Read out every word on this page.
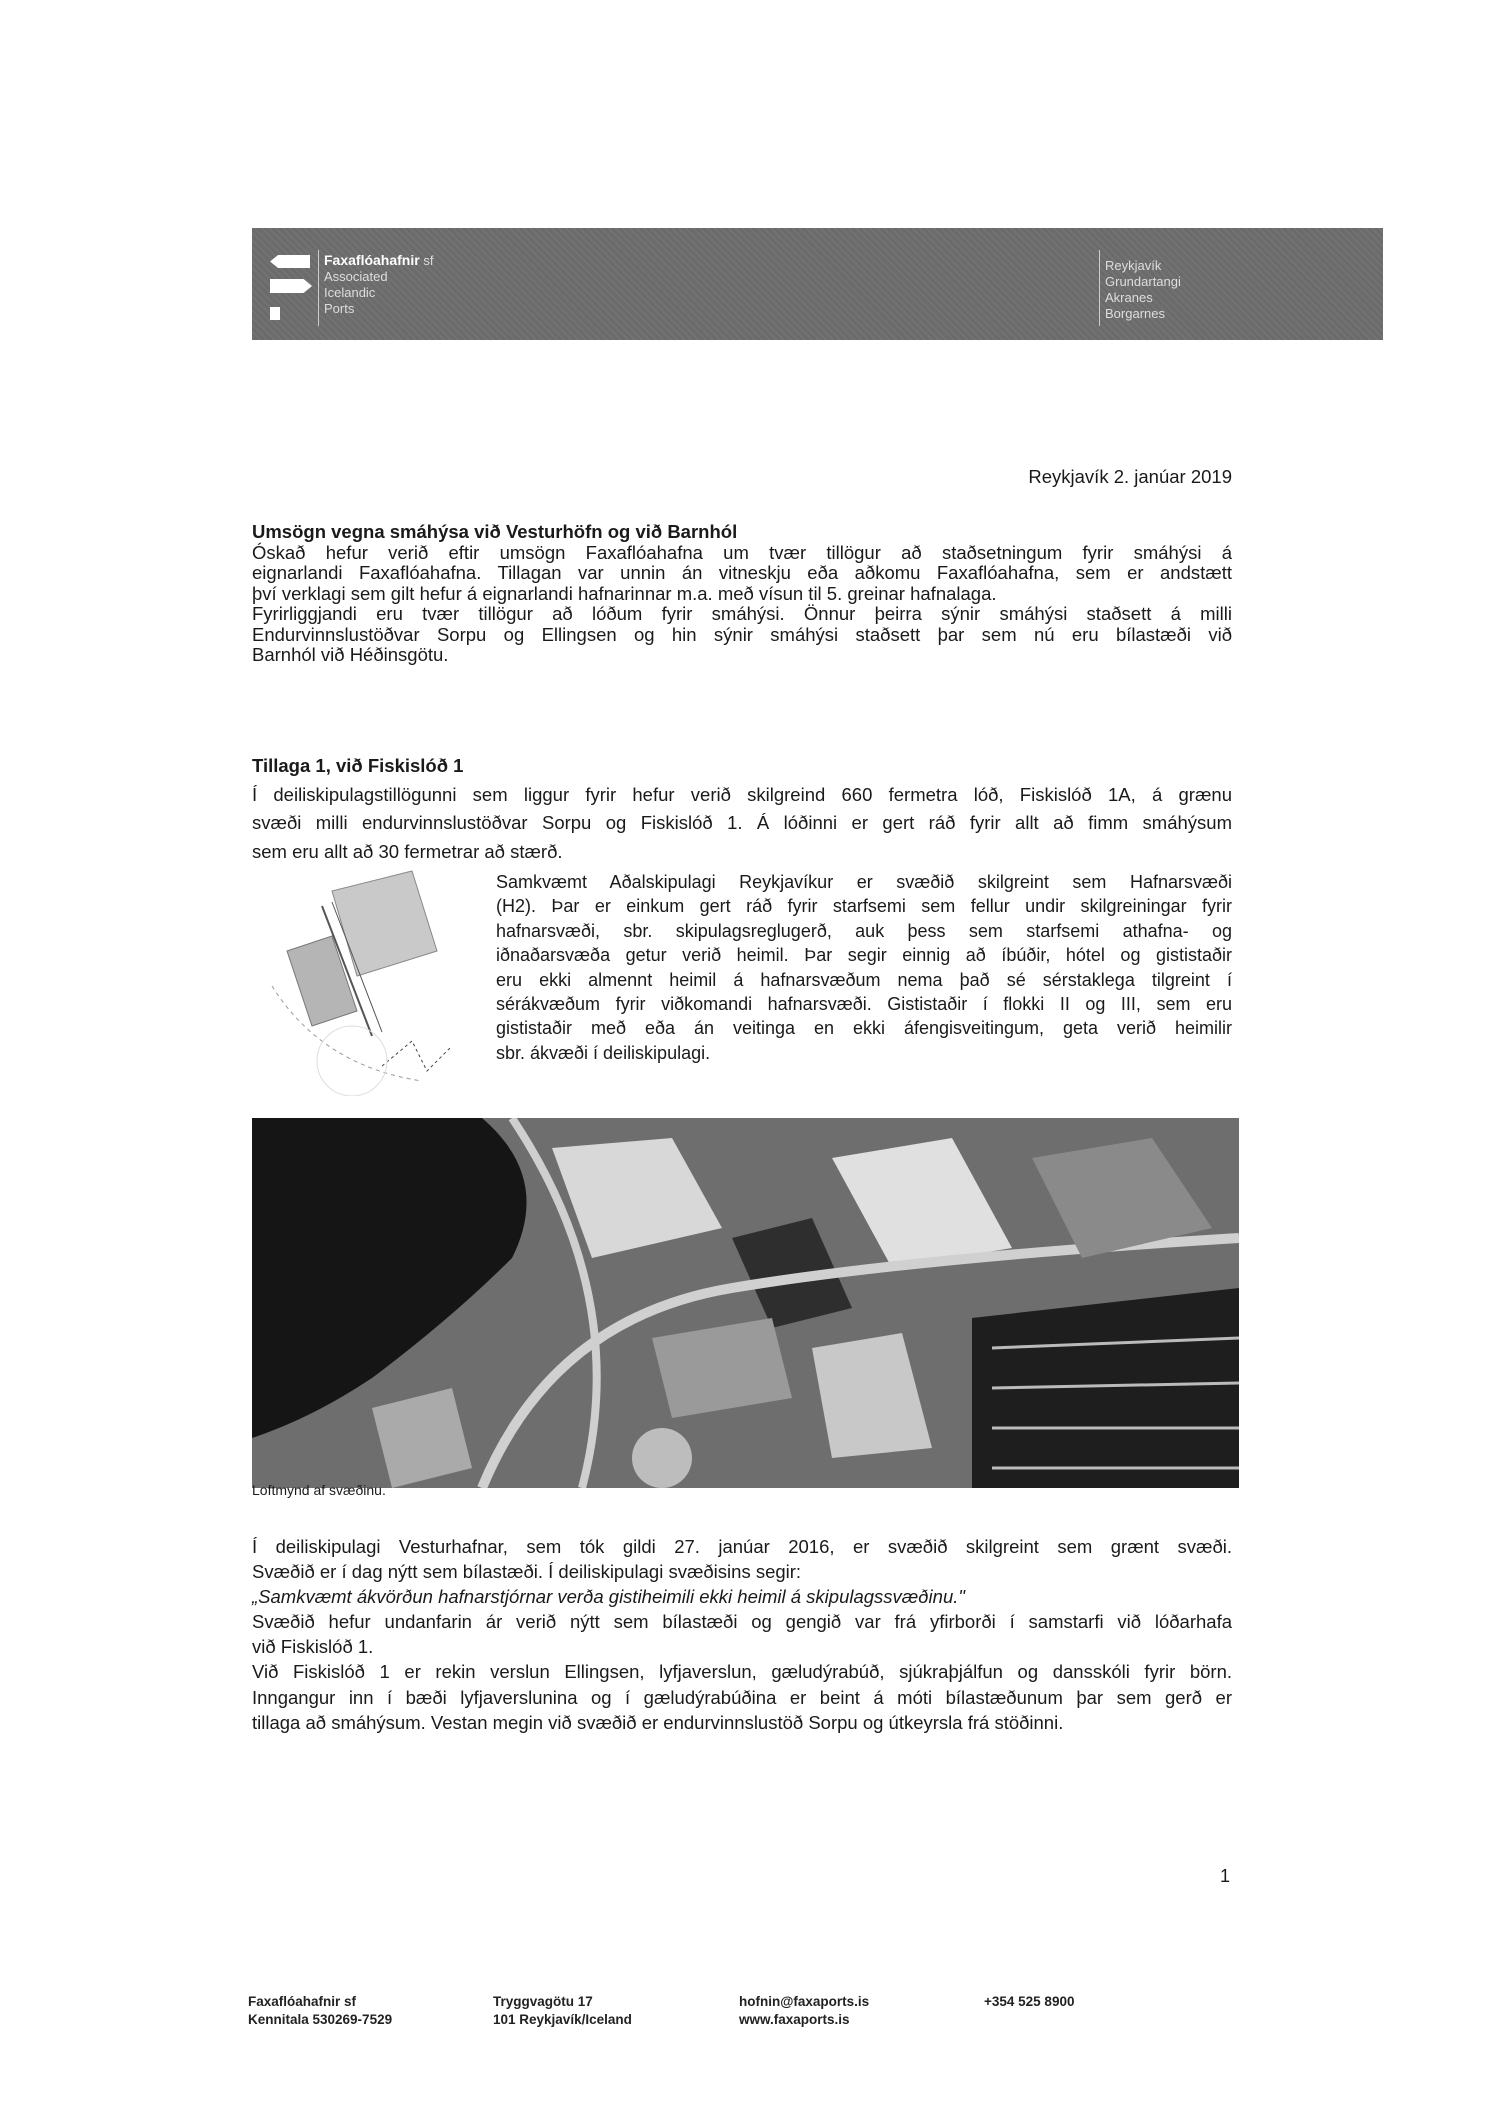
Faxaflóahafnir sf
Associated
Icelandic
Ports
Reykjavík
Grundartangi
Akranes
Borgarnes
Reykjavík 2. janúar 2019
Umsögn vegna smáhýsa við Vesturhöfn og við Barnhól
Óskað hefur verið eftir umsögn Faxaflóahafna um tvær tillögur að staðsetningum fyrir smáhýsi á
eignarlandi Faxaflóahafna. Tillagan var unnin án vitneskju eða aðkomu Faxaflóahafna, sem er andstætt
því verklagi sem gilt hefur á eignarlandi hafnarinnar m.a. með vísun til 5. greinar hafnalaga.
Fyrirliggjandi eru tvær tillögur að lóðum fyrir smáhýsi. Önnur þeirra sýnir smáhýsi staðsett á milli
Endurvinnslustöðvar Sorpu og Ellingsen og hin sýnir smáhýsi staðsett þar sem nú eru bílastæði við
Barnhól við Héðinsgötu.
Tillaga 1, við Fiskislóð 1
Í deiliskipulagstillögunni sem liggur fyrir hefur verið skilgreind 660 fermetra lóð, Fiskislóð 1A, á grænu
svæði milli endurvinnslustöðvar Sorpu og Fiskislóð 1. Á lóðinni er gert ráð fyrir allt að fimm smáhýsum
sem eru allt að 30 fermetrar að stærð.
Samkvæmt Aðalskipulagi Reykjavíkur er svæðið skilgreint sem Hafnarsvæði
(H2). Þar er einkum gert ráð fyrir starfsemi sem fellur undir skilgreiningar fyrir
hafnarsvæði, sbr. skipulagsreglugerð, auk þess sem starfsemi athafna- og
iðnaðarsvæða getur verið heimil. Þar segir einnig að íbúðir, hótel og gististaðir
eru ekki almennt heimil á hafnarsvæðum nema það sé sérstaklega tilgreint í
sérákvæðum fyrir viðkomandi hafnarsvæði. Gististaðir í flokki II og III, sem eru
gististaðir með eða án veitinga en ekki áfengisveitingum, geta verið heimilir
sbr. ákvæði í deiliskipulagi.
Loftmynd af svæðinu.
Í deiliskipulagi Vesturhafnar, sem tók gildi 27. janúar 2016, er svæðið skilgreint sem grænt svæði.
Svæðið er í dag nýtt sem bílastæði. Í deiliskipulagi svæðisins segir:
„Samkvæmt ákvörðun hafnarstjórnar verða gistiheimili ekki heimil á skipulagssvæðinu."
Svæðið hefur undanfarin ár verið nýtt sem bílastæði og gengið var frá yfirborði í samstarfi við lóðarhafa
við Fiskislóð 1.
Við Fiskislóð 1 er rekin verslun Ellingsen, lyfjaverslun, gæludýrabúð, sjúkraþjálfun og dansskóli fyrir börn.
Inngangur inn í bæði lyfjaverslunina og í gæludýrabúðina er beint á móti bílastæðunum þar sem gerð er
tillaga að smáhýsum. Vestan megin við svæðið er endurvinnslustöð Sorpu og útkeyrsla frá stöðinni.
1
Faxaflóahafnir sf
Kennitala 530269-7529
Tryggvagötu 17
101 Reykjavík/Iceland
hofnin@faxaports.is
www.faxaports.is
+354 525 8900
